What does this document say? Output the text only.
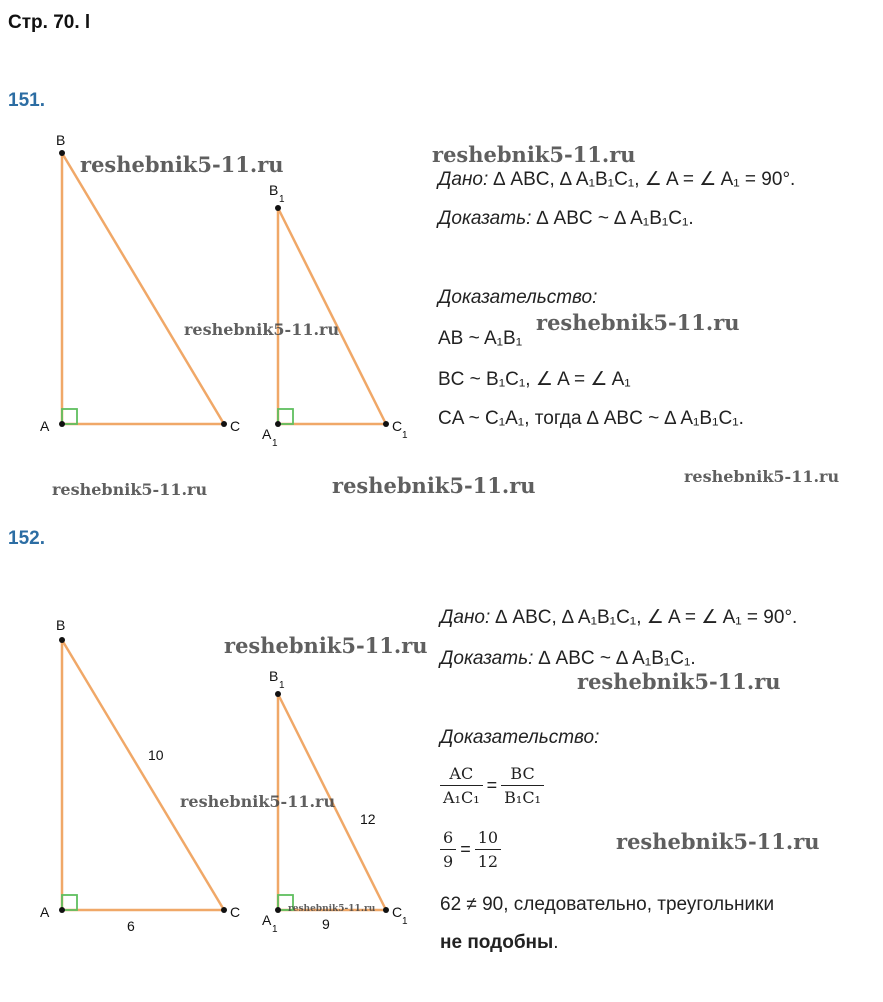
Стр. 70. l
151.
B
A	C
B
1
A
1
C
1
B
A	C
10
6
B
1
A
1
C
1
12
9
Дано: ∆ ABC, ∆ A₁B₁C₁, ∠ A = ∠ A₁ = 90°.
Доказать: ∆ ABC ~ ∆ A₁B₁C₁.
Доказательство:
AB ~ A₁B₁
BC ~ B₁C₁, ∠ A = ∠ A₁
CA ~ C₁A₁, тогда ∆ ABC ~ ∆ A₁B₁C₁.
152.
Дано: ∆ ABC, ∆ A₁B₁C₁, ∠ A = ∠ A₁ = 90°.
Доказать: ∆ ABC ~ ∆ A₁B₁C₁.
Доказательство:
$\frac{AC}{\text{A₁C₁}} = \frac{BC}{\text{B₁C₁}}$
$\frac{6}{9} = \frac{10}{12}$
62 ≠ 90, следовательно, треугольники
не подобны.
reshebnik5-11.ru	reshebnik5-11.ru
reshebnik5-11.ru	reshebnik5-11.ru
reshebnik5-11.ru	reshebnik5-11.ru	reshebnik5-11.ru
reshebnik5-11.ru
reshebnik5-11.ru
reshebnik5-11.ru
reshebnik5-11.ru
reshebnik5-11.ru
